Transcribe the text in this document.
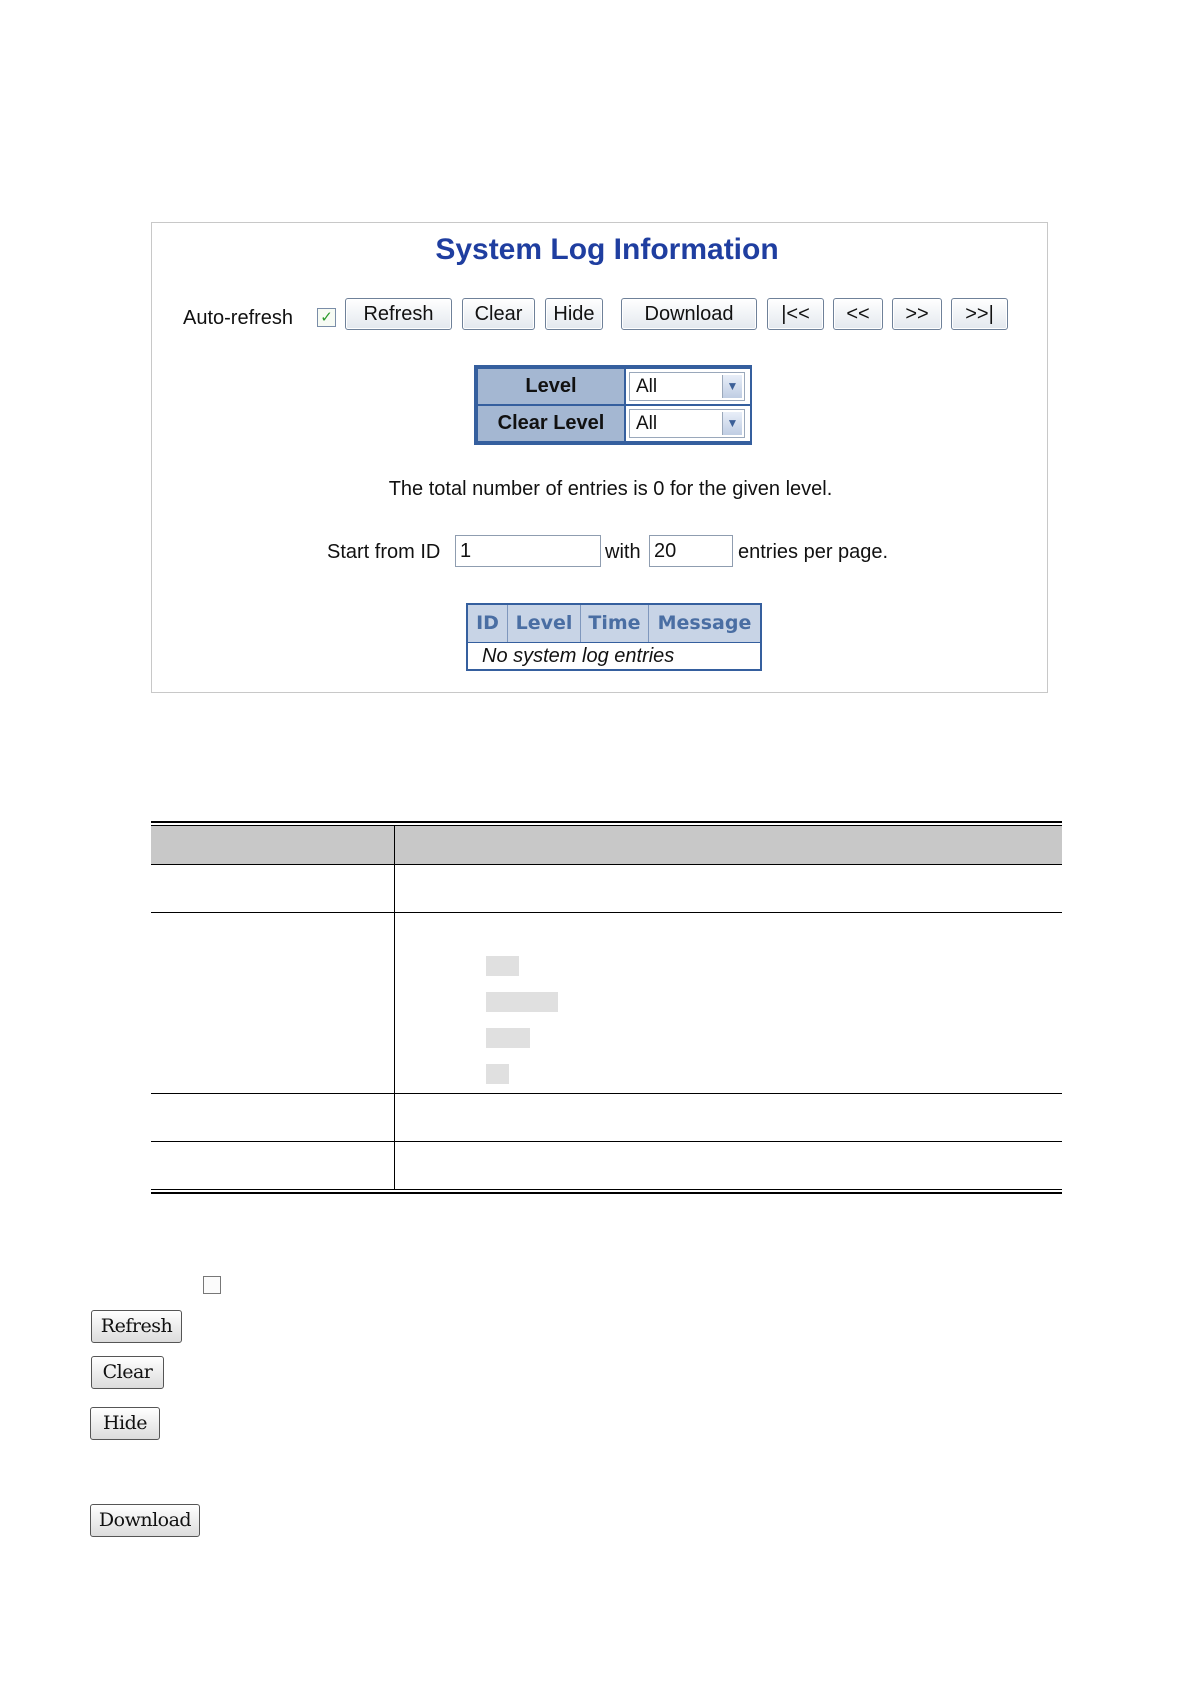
System Log Information
Auto-refresh ✓	Refresh	Clear	Hide	Download	|<<	<<	>>	>>|
Level	All	▼
Clear Level	All	▼
The total number of entries is 0 for the given level.
Start from ID 1	with 20	entries per page.
ID Level Time Message
No system log entries
Refresh
Clear
Hide
Download
